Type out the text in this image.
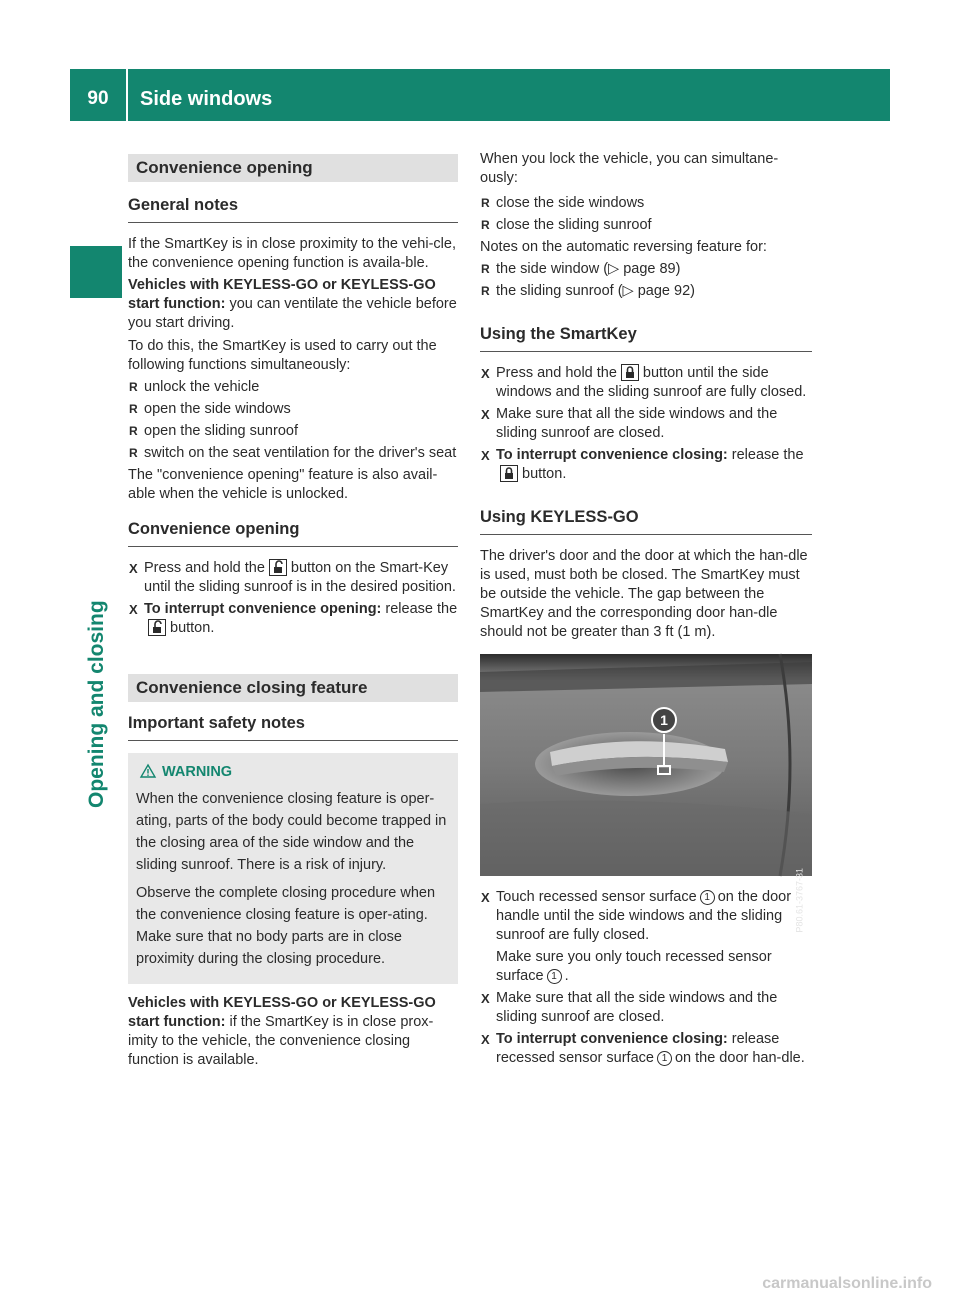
90	Side windows
Opening and closing
Convenience opening
General notes

If the SmartKey is in close proximity to the vehi-cle, the convenience opening function is availa-ble.

Vehicles with KEYLESS-GO or KEYLESS-GO start function: you can ventilate the vehicle before you start driving.

To do this, the SmartKey is used to carry out the following functions simultaneously:

R unlock the vehicle
R open the side windows
R open the sliding sunroof
R switch on the seat ventilation for the driver's seat

The "convenience opening" feature is also avail-able when the vehicle is unlocked.

Convenience opening
X Press and hold the button on the Smart-Key until the sliding sunroof is in the desired position.
X To interrupt convenience opening: release thebutton.
Convenience closing feature
Important safety notes
WARNING

When the convenience closing feature is oper-ating, parts of the body could become trapped in the closing area of the side window and the sliding sunroof. There is a risk of injury.

Observe the complete closing procedure when the convenience closing feature is oper-ating. Make sure that no body parts are in close proximity during the closing procedure.

Vehicles with KEYLESS-GO or KEYLESS-GO start function: if the SmartKey is in close prox-imity to the vehicle, the convenience closing function is available.

When you lock the vehicle, you can simultane-ously:

R close the side windows
R close the sliding sunroof

Notes on the automatic reversing feature for:

R the side window (▷ page 89)
R the sliding sunroof (▷ page 92)
Using the SmartKey
X Press and hold the button until the side windows and the sliding sunroof are fully closed.
X Make sure that all the side windows and the sliding sunroof are closed.
X To interrupt convenience closing: release thebutton.
Using KEYLESS-GO

The driver's door and the door at which the han-dle is used, must both be closed. The SmartKey must be outside the vehicle. The gap between the SmartKey and the corresponding door han-dle should not be greater than 3 ft (1 m).

1
P80.61-3767-31
X Touch recessed sensor surface 1 on the door handle until the side windows and the sliding sunroof are fully closed.
Make sure you only touch recessed sensor surface 1 .
X Make sure that all the side windows and the sliding sunroof are closed.
X To interrupt convenience closing: release recessed sensor surface 1 on the door han-dle.
carmanualsonline.info
